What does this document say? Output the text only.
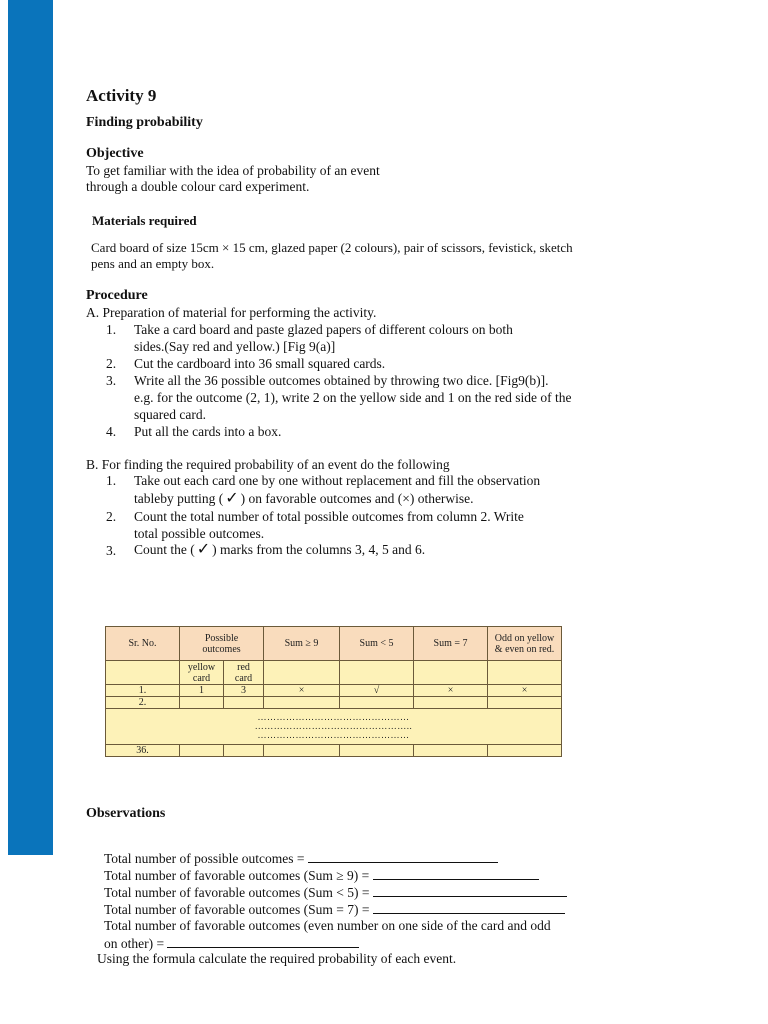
Activity 9
Finding probability
Objective
To get familiar with the idea of probability of an event
through a double colour card experiment.
Materials required
Card board of size 15cm × 15 cm, glazed paper (2 colours), pair of scissors, fevistick, sketch
pens and an empty box.
Procedure
A. Preparation of material for performing the activity.
1.	Take a card board and paste glazed papers of different colours on both
sides.(Say red and yellow.) [Fig 9(a)]
2.	Cut the cardboard into 36 small squared cards.
3.	Write all the 36 possible outcomes obtained by throwing two dice. [Fig9(b)].
e.g. for the outcome (2, 1), write 2 on the yellow side and 1 on the red side of the
squared card.
4.	Put all the cards into a box.
B. For finding the required probability of an event do the following
1.	Take out each card one by one without replacement and fill the observation
tableby putting ( ✓ ) on favorable outcomes and (×) otherwise.
2.	Count the total number of total possible outcomes from column 2. Write
total possible outcomes.
3.	Count the ( ✓ ) marks from the columns 3, 4, 5 and 6.
Sr. No.	Possible outcomes		Sum ≥ 9	Sum < 5	Sum = 7	Odd on yellow & even on red.
	yellow card	red card				
1.	1	3	×	√	×	×
2.						

…………………………………………
…………………………………………..
…………………………………………						

36.						
Observations
Total number of possible outcomes =
Total number of favorable outcomes (Sum ≥ 9) =
Total number of favorable outcomes (Sum < 5) =
Total number of favorable outcomes (Sum = 7) =
Total number of favorable outcomes (even number on one side of the card and odd
on other) =
Using the formula calculate the required probability of each event.
